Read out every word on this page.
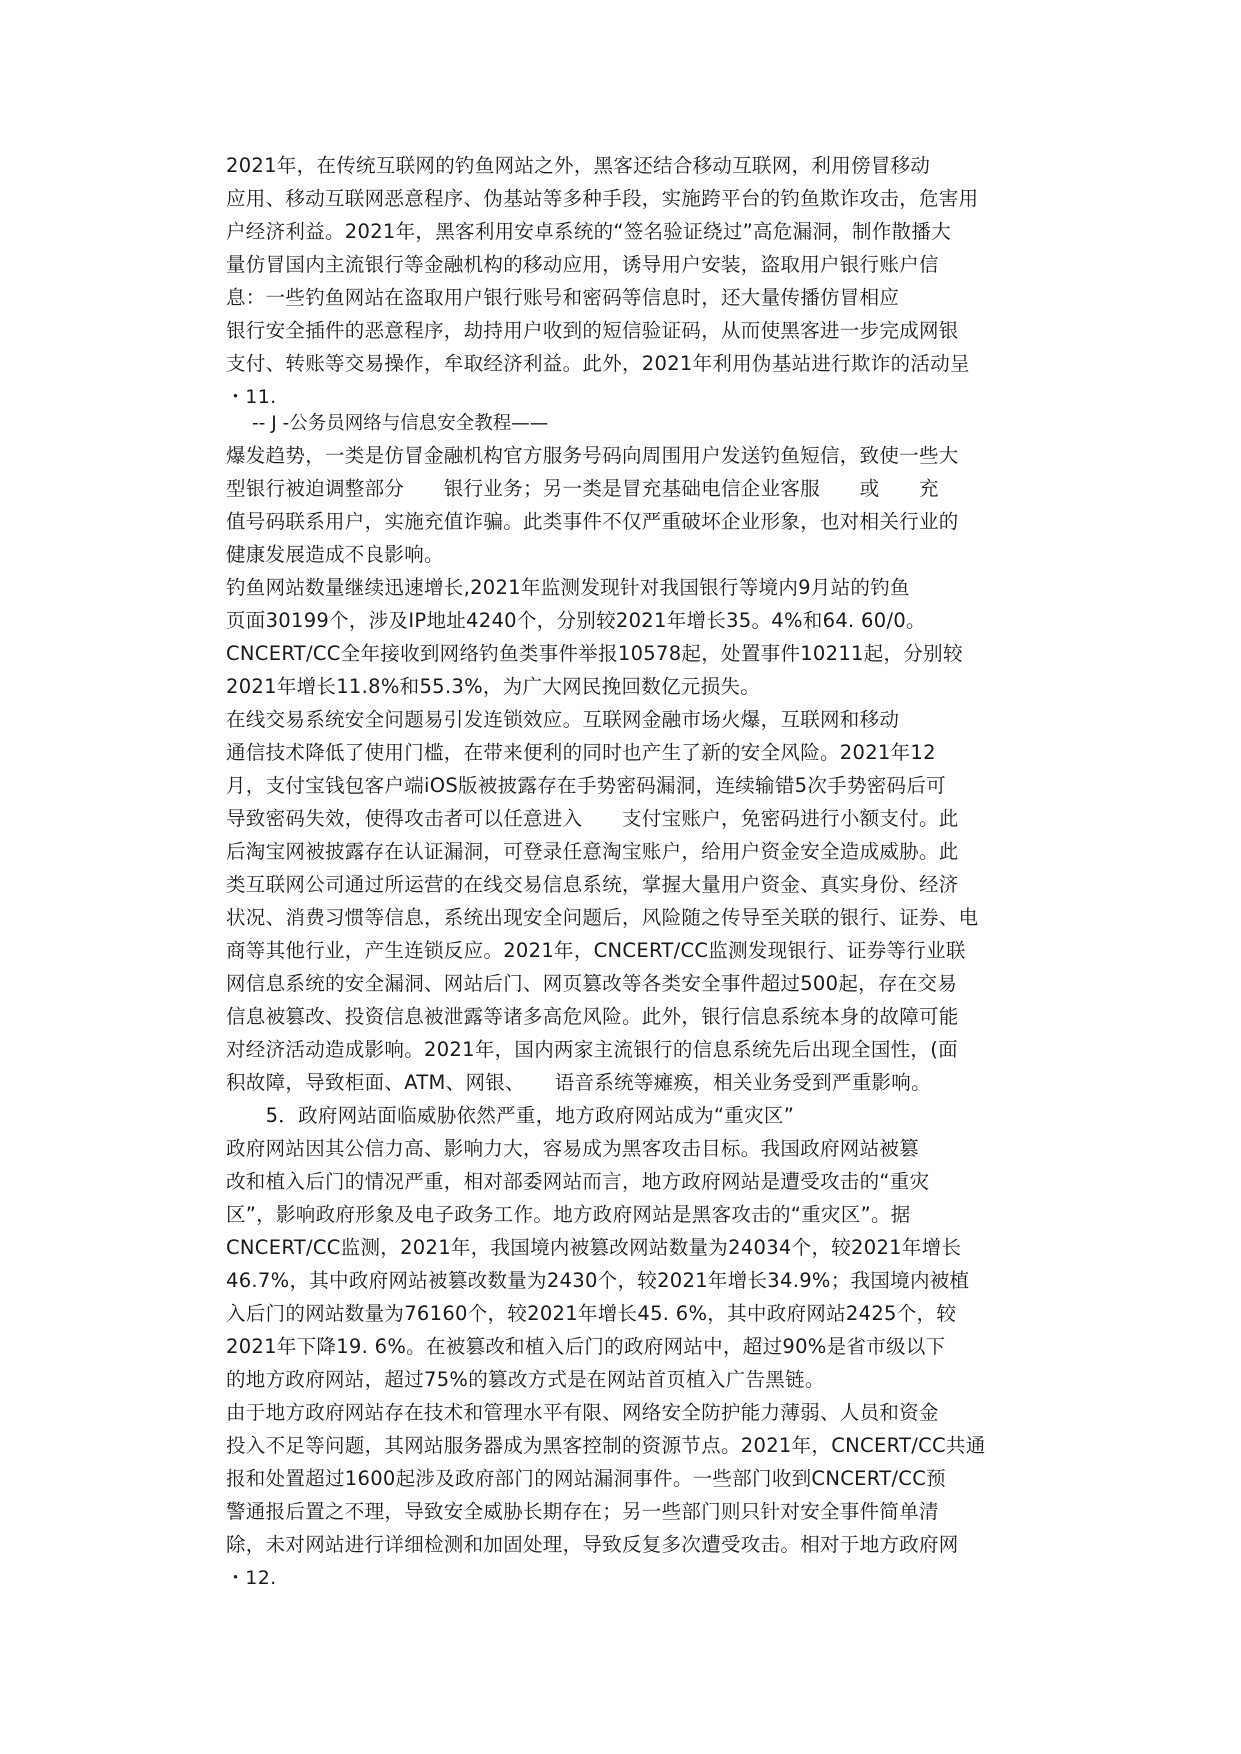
2021年，在传统互联网的钓鱼网站之外，黑客还结合移动互联网，利用傍冒移动

应用、移动互联网恶意程序、伪基站等多种手段，实施跨平台的钓鱼欺诈攻击，危害用

户经济利益。2021年，黑客利用安卓系统的“签名验证绕过”高危漏洞，制作散播大

量仿冒国内主流银行等金融机构的移动应用，诱导用户安装，盗取用户银行账户信

息：一些钓鱼网站在盗取用户银行账号和密码等信息时，还大量传播仿冒相应

银行安全插件的恶意程序，劫持用户收到的短信验证码，从而使黑客进一步完成网银

支付、转账等交易操作，牟取经济利益。此外，2021年利用伪基站进行欺诈的活动呈

・11.

-- J -公务员网络与信息安全教程——

爆发趋势，一类是仿冒金融机构官方服务号码向周围用户发送钓鱼短信，致使一些大

型银行被迫调整部分　　银行业务；另一类是冒充基础电信企业客服　　或　　充

值号码联系用户，实施充值诈骗。此类事件不仅严重破坏企业形象，也对相关行业的

健康发展造成不良影响。

钓鱼网站数量继续迅速增长,2021年监测发现针对我国银行等境内9月站的钓鱼

页面30199个，涉及IP地址4240个，分别较2021年增长35。4%和64. 60/0。

CNCERT/CC全年接收到网络钓鱼类事件举报10578起，处置事件10211起，分别较

2021年增长11.8%和55.3%，为广大网民挽回数亿元损失。

在线交易系统安全问题易引发连锁效应。互联网金融市场火爆，互联网和移动

通信技术降低了使用门槛，在带来便利的同时也产生了新的安全风险。2021年12

月，支付宝钱包客户端iOS版被披露存在手势密码漏洞，连续输错5次手势密码后可

导致密码失效，使得攻击者可以任意进入　　支付宝账户，免密码进行小额支付。此

后淘宝网被披露存在认证漏洞，可登录任意淘宝账户，给用户资金安全造成威胁。此

类互联网公司通过所运营的在线交易信息系统，掌握大量用户资金、真实身份、经济

状况、消费习惯等信息，系统出现安全问题后，风险随之传导至关联的银行、证券、电

商等其他行业，产生连锁反应。2021年，CNCERT/CC监测发现银行、证券等行业联

网信息系统的安全漏洞、网站后门、网页篡改等各类安全事件超过500起，存在交易

信息被篡改、投资信息被泄露等诸多高危风险。此外，银行信息系统本身的故障可能

对经济活动造成影响。2021年，国内两家主流银行的信息系统先后出现全国性，(面

积故障，导致柜面、ATM、网银、　　语音系统等瘫痪，相关业务受到严重影响。

　　5．政府网站面临威胁依然严重，地方政府网站成为“重灾区”

政府网站因其公信力高、影响力大，容易成为黑客攻击目标。我国政府网站被篡

改和植入后门的情况严重，相对部委网站而言，地方政府网站是遭受攻击的“重灾

区”，影响政府形象及电子政务工作。地方政府网站是黑客攻击的“重灾区”。据

CNCERT/CC监测，2021年，我国境内被篡改网站数量为24034个，较2021年增长

46.7%，其中政府网站被篡改数量为2430个，较2021年增长34.9%；我国境内被植

入后门的网站数量为76160个，较2021年增长45. 6%，其中政府网站2425个，较

2021年下降19. 6%。在被篡改和植入后门的政府网站中，超过90%是省市级以下

的地方政府网站，超过75%的篡改方式是在网站首页植入广告黑链。

由于地方政府网站存在技术和管理水平有限、网络安全防护能力薄弱、人员和资金

投入不足等问题，其网站服务器成为黑客控制的资源节点。2021年，CNCERT/CC共通

报和处置超过1600起涉及政府部门的网站漏洞事件。一些部门收到CNCERT/CC预

警通报后置之不理，导致安全威胁长期存在；另一些部门则只针对安全事件简单清

除，未对网站进行详细检测和加固处理，导致反复多次遭受攻击。相对于地方政府网

・12.
